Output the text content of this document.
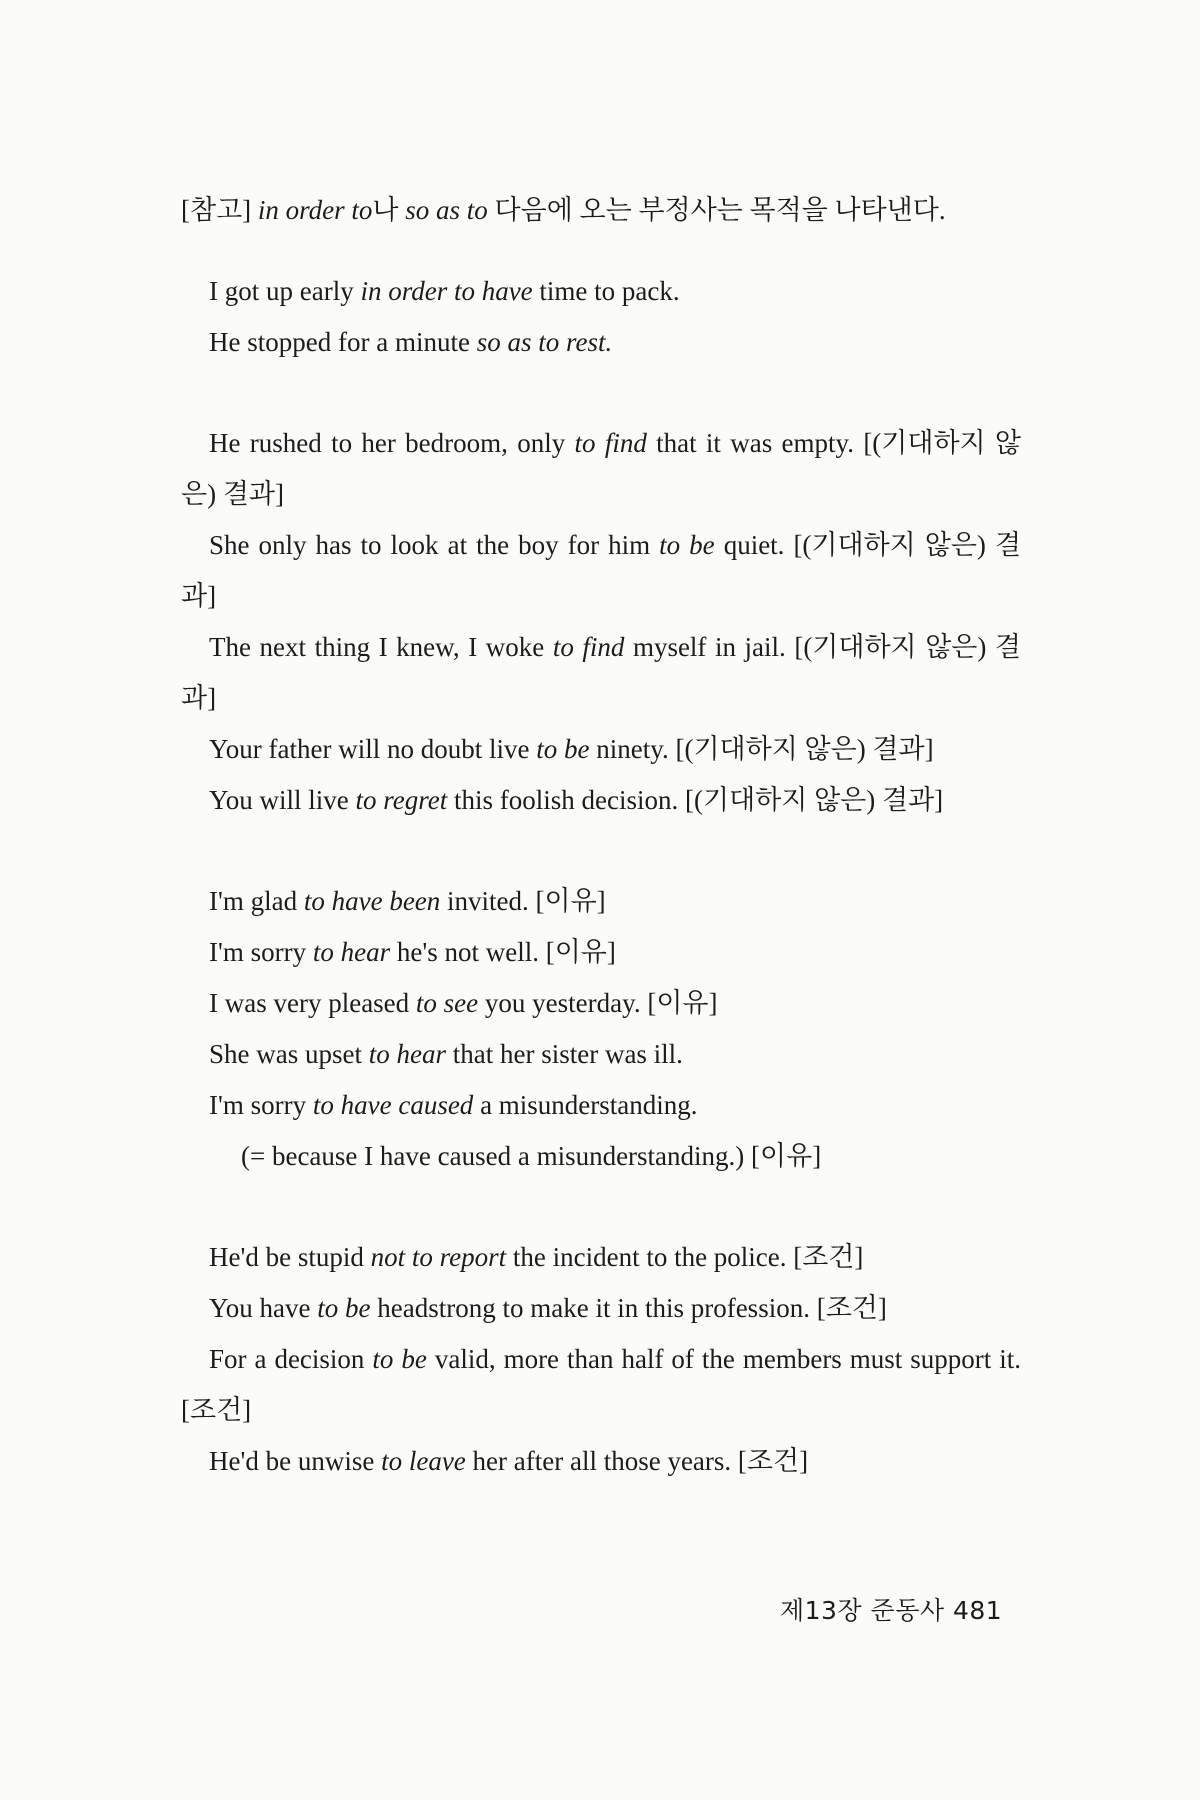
[참고] in order to나 so as to 다음에 오는 부정사는 목적을 나타낸다.

I got up early in order to have time to pack.

He stopped for a minute so as to rest.

He rushed to her bedroom, only to find that it was empty. [(기대하지 않은) 결과]

She only has to look at the boy for him to be quiet. [(기대하지 않은) 결과]

The next thing I knew, I woke to find myself in jail. [(기대하지 않은) 결과]

Your father will no doubt live to be ninety. [(기대하지 않은) 결과]

You will live to regret this foolish decision. [(기대하지 않은) 결과]

I'm glad to have been invited. [이유]

I'm sorry to hear he's not well. [이유]

I was very pleased to see you yesterday. [이유]

She was upset to hear that her sister was ill.

I'm sorry to have caused a misunderstanding.

(= because I have caused a misunderstanding.) [이유]

He'd be stupid not to report the incident to the police. [조건]

You have to be headstrong to make it in this profession. [조건]

For a decision to be valid, more than half of the members must support it. [조건]

He'd be unwise to leave her after all those years. [조건]

제13장 준동사 481
